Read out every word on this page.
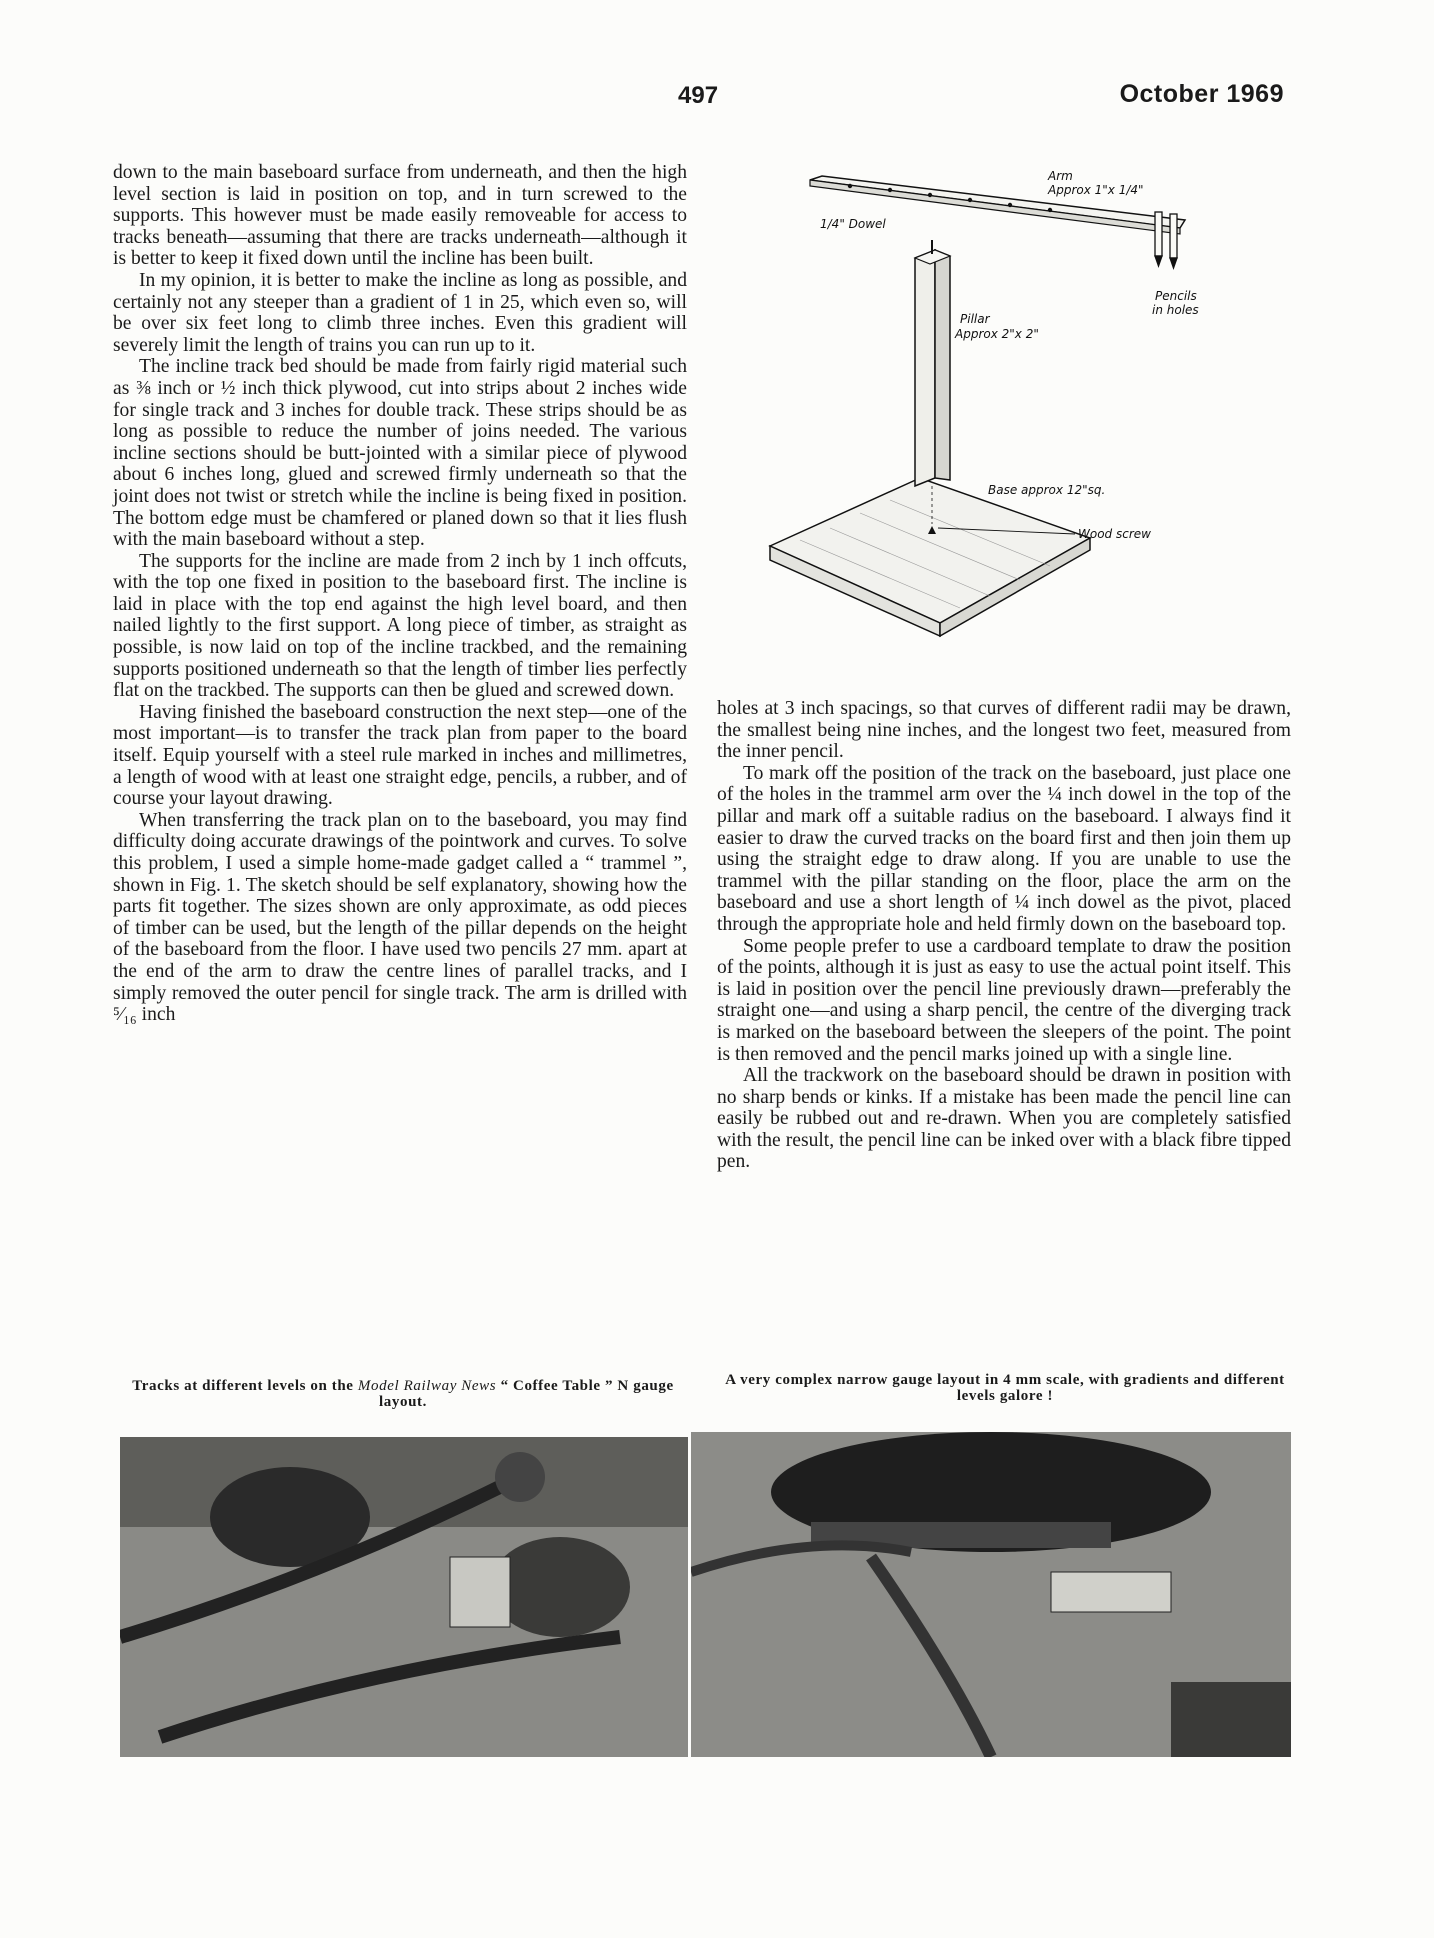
497	October 1969

down to the main baseboard surface from underneath, and then the high level section is laid in position on top, and in turn screwed to the supports. This however must be made easily removeable for access to tracks beneath—assuming that there are tracks underneath—although it is better to keep it fixed down until the incline has been built.

In my opinion, it is better to make the incline as long as possible, and certainly not any steeper than a gradient of 1 in 25, which even so, will be over six feet long to climb three inches. Even this gradient will severely limit the length of trains you can run up to it.

The incline track bed should be made from fairly rigid material such as ⅜ inch or ½ inch thick plywood, cut into strips about 2 inches wide for single track and 3 inches for double track. These strips should be as long as possible to reduce the number of joins needed. The various incline sections should be butt-jointed with a similar piece of plywood about 6 inches long, glued and screwed firmly underneath so that the joint does not twist or stretch while the incline is being fixed in position. The bottom edge must be chamfered or planed down so that it lies flush with the main baseboard without a step.

The supports for the incline are made from 2 inch by 1 inch offcuts, with the top one fixed in position to the baseboard first. The incline is laid in place with the top end against the high level board, and then nailed lightly to the first support. A long piece of timber, as straight as possible, is now laid on top of the incline trackbed, and the remaining supports positioned underneath so that the length of timber lies perfectly flat on the trackbed. The supports can then be glued and screwed down.

Having finished the baseboard construction the next step—one of the most important—is to transfer the track plan from paper to the board itself. Equip yourself with a steel rule marked in inches and millimetres, a length of wood with at least one straight edge, pencils, a rubber, and of course your layout drawing.

When transferring the track plan on to the baseboard, you may find difficulty doing accurate drawings of the pointwork and curves. To solve this problem, I used a simple home-made gadget called a “ trammel ”, shown in Fig. 1. The sketch should be self explanatory, showing how the parts fit together. The sizes shown are only approximate, as odd pieces of timber can be used, but the length of the pillar depends on the height of the baseboard from the floor. I have used two pencils 27 mm. apart at the end of the arm to draw the centre lines of parallel tracks, and I simply removed the outer pencil for single track. The arm is drilled with ⁵⁄₁₆ inch

Arm
Approx 1"x 1/4"
1/4" Dowel
Pencils
in holes
Pillar
Approx 2"x 2"
Base approx 12"sq.
Wood screw

holes at 3 inch spacings, so that curves of different radii may be drawn, the smallest being nine inches, and the longest two feet, measured from the inner pencil.

To mark off the position of the track on the baseboard, just place one of the holes in the trammel arm over the ¼ inch dowel in the top of the pillar and mark off a suitable radius on the baseboard. I always find it easier to draw the curved tracks on the board first and then join them up using the straight edge to draw along. If you are unable to use the trammel with the pillar standing on the floor, place the arm on the baseboard and use a short length of ¼ inch dowel as the pivot, placed through the appropriate hole and held firmly down on the baseboard top.

Some people prefer to use a cardboard template to draw the position of the points, although it is just as easy to use the actual point itself. This is laid in position over the pencil line previously drawn—preferably the straight one—and using a sharp pencil, the centre of the diverging track is marked on the baseboard between the sleepers of the point. The point is then removed and the pencil marks joined up with a single line.

All the trackwork on the baseboard should be drawn in position with no sharp bends or kinks. If a mistake has been made the pencil line can easily be rubbed out and re-drawn. When you are completely satisfied with the result, the pencil line can be inked over with a black fibre tipped pen.

Tracks at different levels on the Model Railway News “ Coffee Table ” N gauge layout.
A very complex narrow gauge layout in 4 mm scale, with gradients and different levels galore !
